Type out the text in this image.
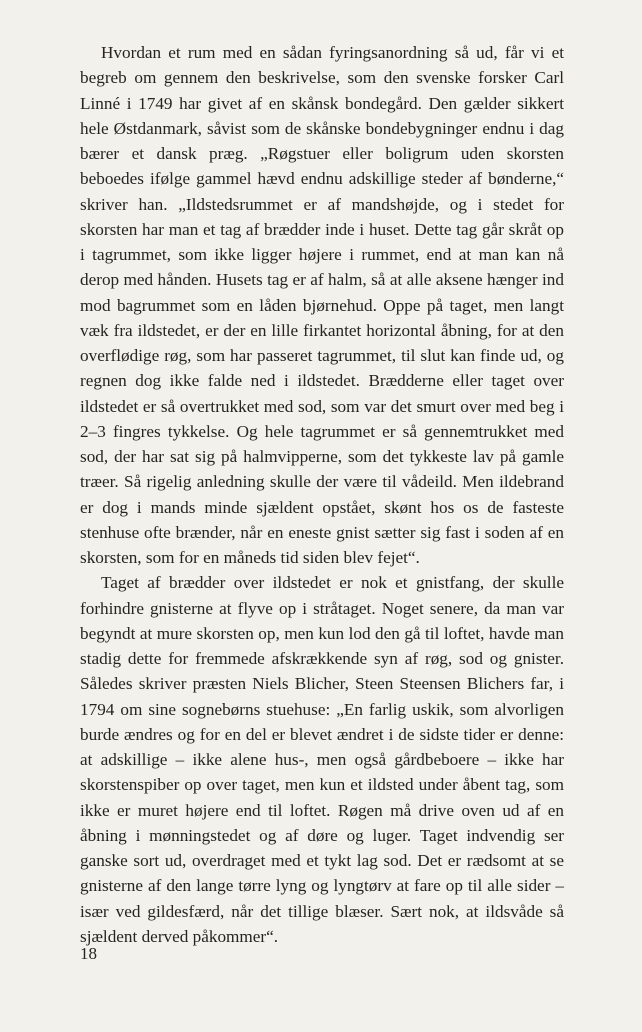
Hvordan et rum med en sådan fyringsanordning så ud, får vi et begreb om gennem den beskrivelse, som den svenske forsker Carl Linné i 1749 har givet af en skånsk bondegård. Den gælder sikkert hele Østdanmark, såvist som de skånske bondebygninger endnu i dag bærer et dansk præg. „Røgstuer eller boligrum uden skorsten beboedes ifølge gammel hævd endnu adskillige steder af bønderne,“ skriver han. „Ildstedsrummet er af mandshøjde, og i stedet for skorsten har man et tag af brædder inde i huset. Dette tag går skråt op i tagrummet, som ikke ligger højere i rummet, end at man kan nå derop med hånden. Husets tag er af halm, så at alle aksene hænger ind mod bagrummet som en låden bjørnehud. Oppe på taget, men langt væk fra ildstedet, er der en lille firkantet horizontal åbning, for at den overflødige røg, som har passeret tagrummet, til slut kan finde ud, og regnen dog ikke falde ned i ildstedet. Brædderne eller taget over ildstedet er så overtrukket med sod, som var det smurt over med beg i 2–3 fingres tykkelse. Og hele tagrummet er så gennemtrukket med sod, der har sat sig på halmvipperne, som det tykkeste lav på gamle træer. Så rigelig anledning skulle der være til vådeild. Men ildebrand er dog i mands minde sjældent opstået, skønt hos os de fasteste stenhuse ofte brænder, når en eneste gnist sætter sig fast i soden af en skorsten, som for en måneds tid siden blev fejet“.

Taget af brædder over ildstedet er nok et gnistfang, der skulle forhindre gnisterne at flyve op i stråtaget. Noget senere, da man var begyndt at mure skorsten op, men kun lod den gå til loftet, havde man stadig dette for fremmede afskrækkende syn af røg, sod og gnister. Således skriver præsten Niels Blicher, Steen Steensen Blichers far, i 1794 om sine sognebørns stuehuse: „En farlig uskik, som alvorligen burde ændres og for en del er blevet ændret i de sidste tider er denne: at adskillige – ikke alene hus-, men også gårdbeboere – ikke har skorstenspiber op over taget, men kun et ildsted under åbent tag, som ikke er muret højere end til loftet. Røgen må drive oven ud af en åbning i mønningstedet og af døre og luger. Taget indvendig ser ganske sort ud, overdraget med et tykt lag sod. Det er rædsomt at se gnisterne af den lange tørre lyng og lyngtørv at fare op til alle sider – især ved gildesfærd, når det tillige blæser. Sært nok, at ildsvåde så sjældent derved påkommer“.

18
